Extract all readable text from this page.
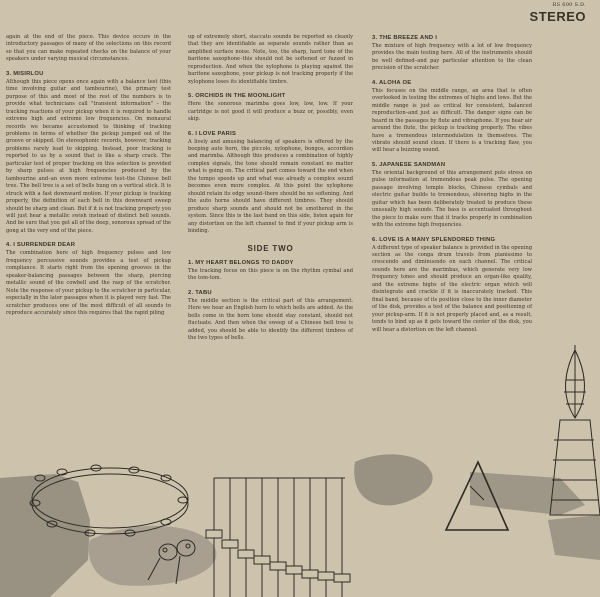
RS 600 S.D.
STEREO

again at the end of the piece. This device occurs in the introductory passages of many of the selections on this record so that you can make repeated checks on the balance of your speakers under varying musical circumstances.

3. MISIRLOU

Although this piece opens once again with a balance test (this time involving guitar and tambourine), the primary test purpose of this and most of the rest of the numbers is to provide what technicians call "transient information" – the tracking reactions of your pickup when it is required to handle extreme high and extreme low frequencies. On monaural records we became accustomed to thinking of tracking problems in terms of whether the pickup jumped out of the groove or skipped. On stereophonic records, however, tracking problems rarely lead to skipping. Instead, poor tracking is reported to us by a sound that is like a sharp crack. The particular test of proper tracking on this selection is provided by sharp pulses at high frequencies produced by the tambourine and–an even more extreme test–the Chinese bell tree. The bell tree is a set of bells hung on a vertical stick. It is struck with a fast downward motion. If your pickup is tracking properly, the definition of each bell in this downward sweep should be sharp and clean. But if it is not tracking properly you will just hear a metallic swish instead of distinct bell sounds. And be sure that you get all of the deep, sonorous spread of the gong at the very end of the piece.

4. I SURRENDER DEAR

The combination here of high frequency pulses and low frequency percussive sounds provides a test of pickup compliance. It starts right from the opening grooves in the speaker-balancing passages between the sharp, piercing metallic sound of the cowbell and the rasp of the scratcher. Note the response of your pickup to the scratcher in particular, especially in the later passages when it is played very fast. The scratcher produces one of the most difficult of all sounds to reproduce accurately since this requires that the rapid piling

up of extremely short, staccato sounds be reported so cleanly that they are identifiable as separate sounds rather than as amplified surface noise. Note, too, the sharp, hard tone of the baritone saxophone–this should not be softened or fuzzed in reproduction. And when the xylophone is playing against the baritone saxophone, your pickup is not tracking properly if the xylophone loses its identifiable timbre.

5. ORCHIDS IN THE MOONLIGHT

Here the sonorous marimba goes low, low, low. If your cartridge is not good it will produce a buzz or, possibly, even skip.

6. I LOVE PARIS

A lively and amusing balancing of speakers is offered by the beeping auto horn, the piccolo, xylophone, bongos, accordion and marimba. Although this produces a combination of highly complex signals, the tone should remain constant no matter what is going on. The critical part comes toward the end when the tempo speeds up and what was already a complex sound becomes even more complex. At this point the xylophone should retain its edgy sound–there should be no softening. And the auto horns should have different timbres. They should produce sharp sounds and should not be smothered in the system. Since this is the last band on this side, listen again for any distortion on the left channel to find if your pickup arm is binding.

SIDE TWO
1. MY HEART BELONGS TO DADDY

The tracking focus on this piece is on the rhythm cymbal and the tom-tom.

2. TABU

The middle section is the critical part of this arrangement. Here we hear an English horn to which bells are added. As the bells come in the horn tone should stay constant, should not fluctuate. And then when the sweep of a Chinese bell tree is added, you should be able to identify the different timbres of the two types of bells.

3. THE BREEZE AND I

The mixture of high frequency with a lot of low frequency provides the main testing here. All of the instruments should be well defined–and pay particular attention to the clean precision of the scratcher.

4. ALOHA OE

This focuses on the middle range, an area that is often overlooked in testing the extremes of highs and lows. But the middle range is just as critical for consistent, balanced reproduction–and just as difficult. The danger signs can be heard in the passages by flute and vibraphone. If you hear air around the flute, the pickup is tracking properly. The vibes have a tremendous intermodulation in themselves. The vibrato should sound clean. If there is a tracking flaw, you will hear a buzzing sound.

5. JAPANESE SANDMAN

The oriental background of this arrangement puts stress on pulse information at tremendous peak pulse. The opening passage involving temple blocks, Chinese cymbals and electric guitar builds to tremendous, shivering highs in the guitar which has been deliberately treated to produce these unusually high sounds. The bass is accentuated throughout the piece to make sure that it tracks properly in combination with the extreme high frequencies.

6. LOVE IS A MANY SPLENDORED THING

A different type of speaker balance is provided in the opening section as the conga drum travels from pianissimo to crescendo and diminuendo on each channel. The critical sounds here are the marimbas, which generate very low frequency tones and should produce an organ-like quality, and the extreme highs of the electric organ which will disintegrate and crackle if it is inaccurately tracked. This final band, because of its position close to the inner diameter of the disk, provides a test of the balance and positioning of your pickup-arm. If it is not properly placed and, as a result, tends to bind up as it gets toward the center of the disk, you will hear a distortion on the left channel.
